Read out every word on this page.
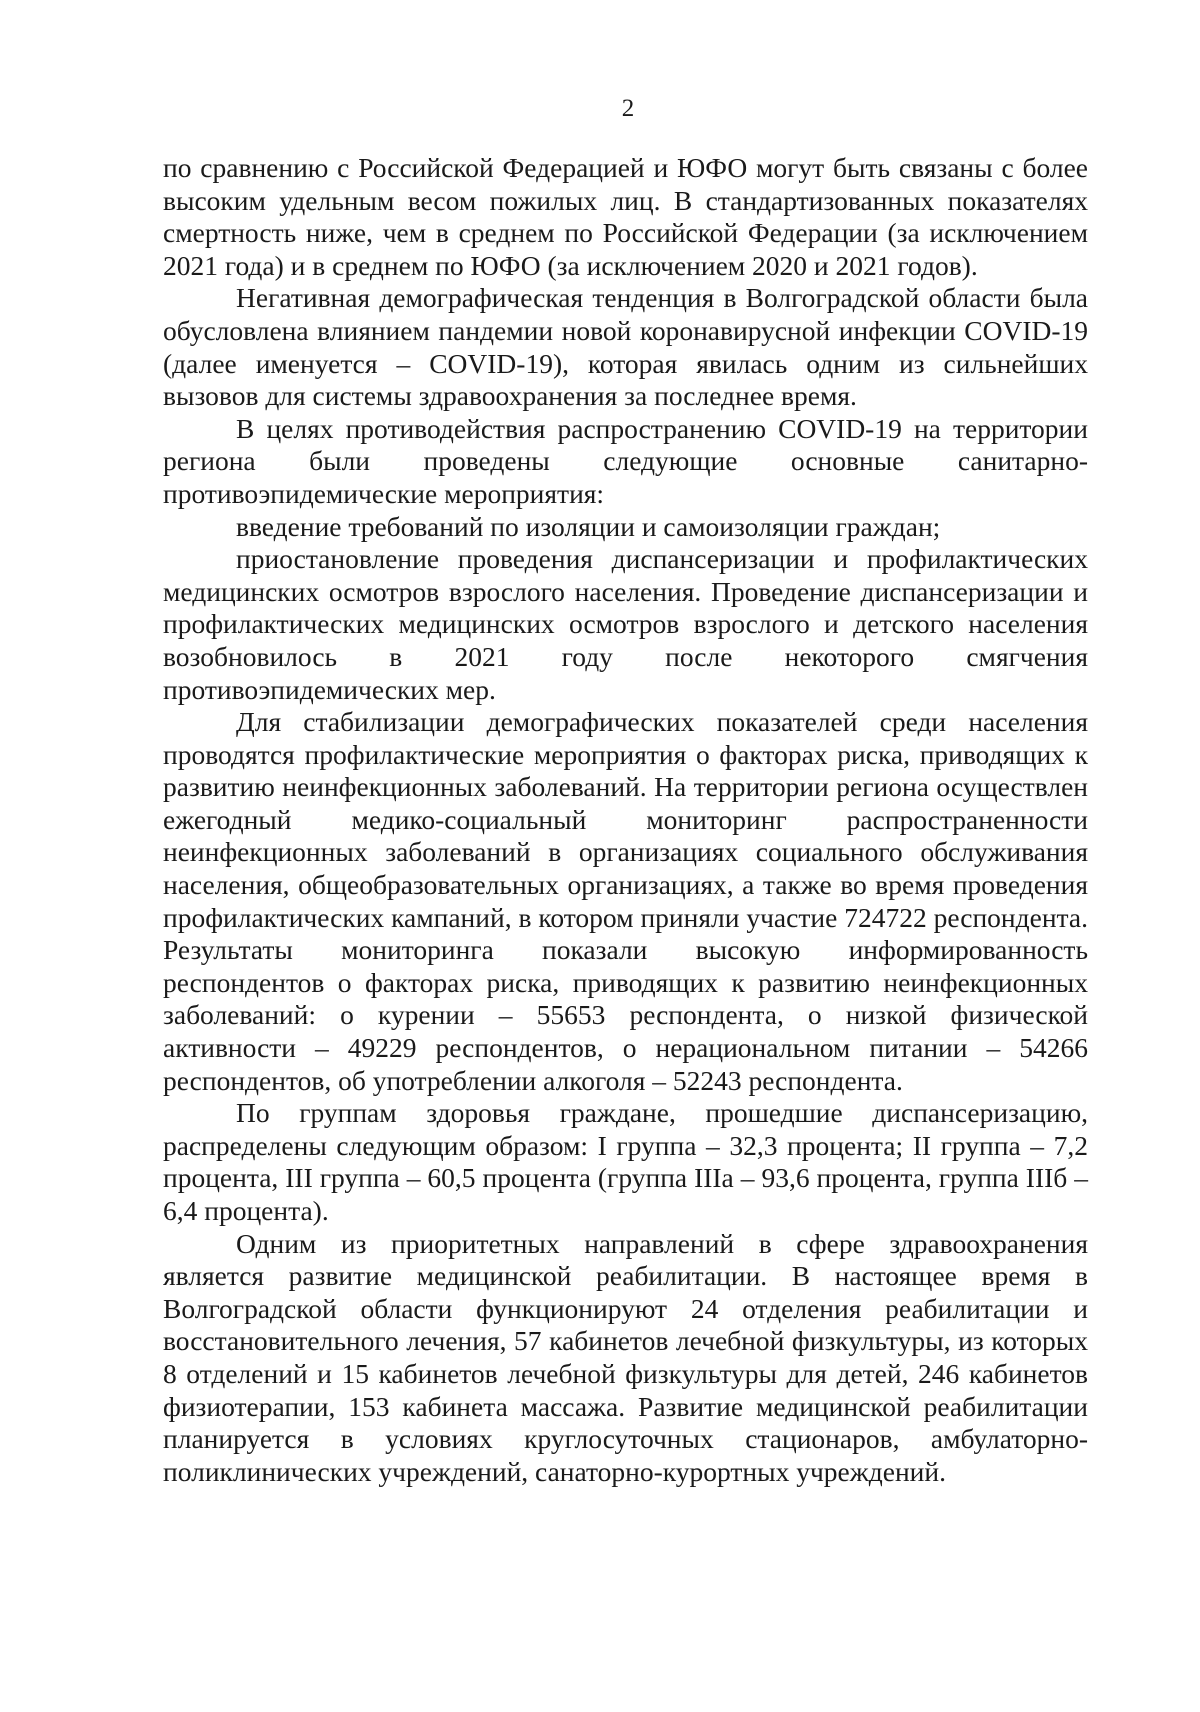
2

по сравнению с Российской Федерацией и ЮФО могут быть связаны с более высоким удельным весом пожилых лиц. В стандартизованных показателях смертность ниже, чем в среднем по Российской Федерации (за исключением 2021 года) и в среднем по ЮФО (за исключением 2020 и 2021 годов).

Негативная демографическая тенденция в Волгоградской области была обусловлена влиянием пандемии новой коронавирусной инфекции COVID-19 (далее именуется – COVID-19), которая явилась одним из сильнейших вызовов для системы здравоохранения за последнее время.

В целях противодействия распространению COVID-19 на территории региона были проведены следующие основные санитарно-противоэпидемические мероприятия:

введение требований по изоляции и самоизоляции граждан;

приостановление проведения диспансеризации и профилактических медицинских осмотров взрослого населения. Проведение диспансеризации и профилактических медицинских осмотров взрослого и детского населения возобновилось в 2021 году после некоторого смягчения противоэпидемических мер.

Для стабилизации демографических показателей среди населения проводятся профилактические мероприятия о факторах риска, приводящих к развитию неинфекционных заболеваний. На территории региона осуществлен ежегодный медико-социальный мониторинг распространенности неинфекционных заболеваний в организациях социального обслуживания населения, общеобразовательных организациях, а также во время проведения профилактических кампаний, в котором приняли участие 724722 респондента. Результаты мониторинга показали высокую информированность респондентов о факторах риска, приводящих к развитию неинфекционных заболеваний: о курении – 55653 респондента, о низкой физической активности – 49229 респондентов, о нерациональном питании – 54266 респондентов, об употреблении алкоголя – 52243 респондента.

По группам здоровья граждане, прошедшие диспансеризацию, распределены следующим образом: I группа – 32,3 процента; II группа – 7,2 процента, III группа – 60,5 процента (группа IIIа – 93,6 процента, группа IIIб – 6,4 процента).

Одним из приоритетных направлений в сфере здравоохранения является развитие медицинской реабилитации. В настоящее время в Волгоградской области функционируют 24 отделения реабилитации и восстановительного лечения, 57 кабинетов лечебной физкультуры, из которых 8 отделений и 15 кабинетов лечебной физкультуры для детей, 246 кабинетов физиотерапии, 153 кабинета массажа. Развитие медицинской реабилитации планируется в условиях круглосуточных стационаров, амбулаторно-поликлинических учреждений, санаторно-курортных учреждений.
